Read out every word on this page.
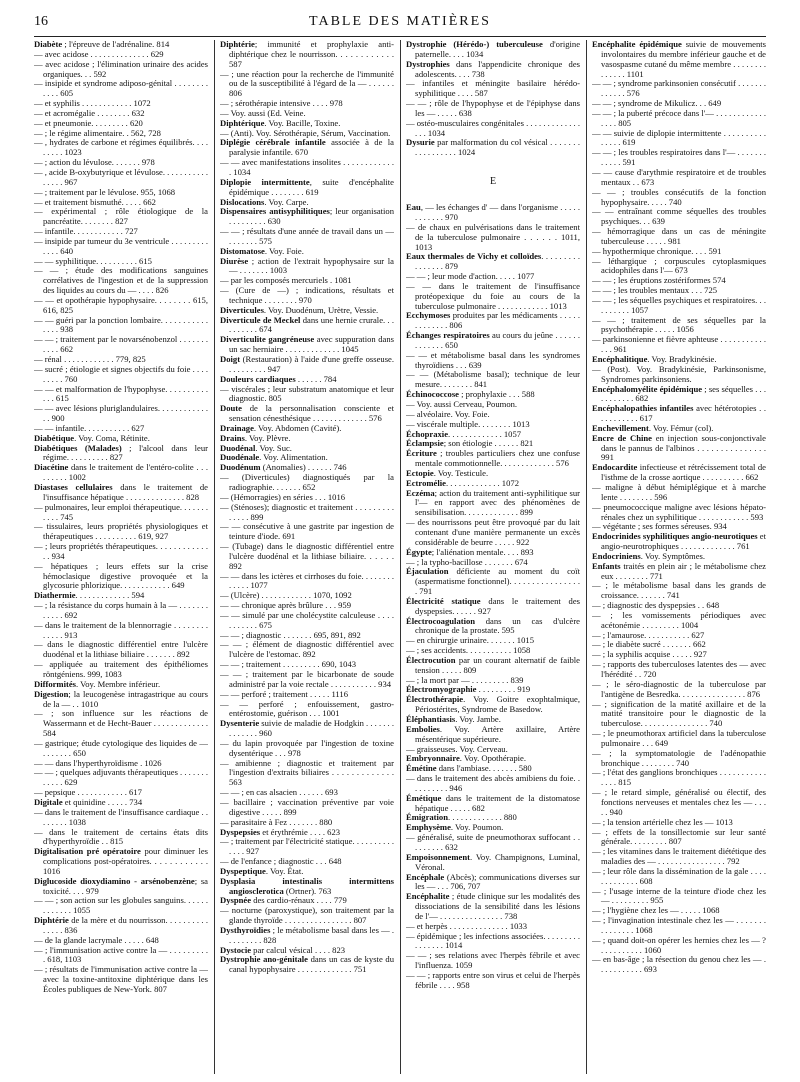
16	TABLE DES MATIÈRES

Diabète ; l'épreuve de l'adrénaline. 814

— avec acidose . . . . . . . . . . . . . . 629

— avec acidose ; l'élimination urinaire des acides organiques. . . 592

— insipide et syndrome adiposo-génital . . . . . . . . . . . . 605

— et syphilis . . . . . . . . . . . . 1072

— et acromégalie . . . . . . . . 632

— et pneumonie. . . . . . . . . 620

— ; le régime alimentaire. . 562, 728

— , hydrates de carbone et régimes équilibrés. . . . . . . . . 1023

— ; action du lévulose. . . . . . . 978

— , acide B-oxybutyrique et lévulose. . . . . . . . . . . . . . . . 967

— ; traitement par le lévulose. 955, 1068

— et traitement bismuthé. . . . . 662

— expérimental ; rôle étiologique de la pancréatite. . . . . . . . 827

— infantile. . . . . . . . . . . . 727

— insipide par tumeur du 3e ventricule . . . . . . . . . . . . . 640

— — syphilitique. . . . . . . . . . 615

— — ; étude des modifications sanguines corrélatives de l'ingestion et de la suppression des liquides au cours du — . . . . 826

— — et opothérapie hypophysaire. . . . . . . . 615, 616, 825

— — guéri par la ponction lombaire. . . . . . . . . . . . . . . 938

— — ; traitement par le novarsénobenzol . . . . . . . . . . . 662

— rénal . . . . . . . . . . . . 779, 825

— sucré ; étiologie et signes objectifs du foie . . . . . . . . . 760

— — et malformation de l'hypophyse. . . . . . . . . . . . . 615

— — avec lésions pluriglandulaires. . . . . . . . . . . . . . 900

— — infantile. . . . . . . . . . . 627

Diabétique. Voy. Coma, Rétinite.

Diabétiques (Malades) ; l'alcool dans leur régime. . . . . . . . . . 827

Diacétine dans le traitement de l'entéro-colite . . . . . . . . . 1002

Diastases cellulaires dans le traitement de l'insuffisance hépatique . . . . . . . . . . . . . . 828

— pulmonaires, leur emploi thérapeutique. . . . . . . . . . . 745

— tissulaires, leurs propriétés physiologiques et thérapeutiques . . . . . . . . . . 619, 927

— ; leurs propriétés thérapeutiques. . . . . . . . . . . . . . 934

— hépatiques ; leurs effets sur la crise hémoclasique digestive provoquée et la glycosurie phlorizique. . . . . . . . . . . . 649

Diathermie. . . . . . . . . . . . . 594

— ; la résistance du corps humain à la — . . . . . . . . . . . . 692

— dans le traitement de la blennorragie . . . . . . . . . . . . . 913

— dans le diagnostic différentiel entre l'ulcère duodénal et la lithiase biliaire . . . . . . . 892

— appliquée au traitement des épithéliomes röntgéniens. 999, 1083

Difformités. Voy. Membre inférieur.

Digestion; la leucogenèse intragastrique au cours de la — . . 1010

— ; son influence sur les réactions de Wassermann et de Hecht-Bauer . . . . . . . . . . . . . 584

— gastrique; étude cytologique des liquides de — . . . . . . . 650

— — dans l'hyperthyroïdisme . 1026

— — ; quelques adjuvants thérapeutiques . . . . . . . . . . . . 629

— pepsique . . . . . . . . . . . . 617

Digitale et quinidine . . . . . 734

— dans le traitement de l'insuffisance cardiaque . . . . . . . . 1038

— dans le traitement de certains états dits d'hyperthyroïdie . . 815

Digitalisation pré opératoire pour diminuer les complications post-opératoires. . . . . . . . . . . . 1016

Diglucoside dioxydiamino - arsénobenzène; sa toxicité. . . . 979

— — ; son action sur les globules sanguins. . . . . . . . . . . . . 1055

Diphtérie de la mère et du nourrisson. . . . . . . . . . . . . . . 836

— de la glande lacrymale . . . . . 648

— ; l'immunisation active contre la — . . . . . . . . . . 618, 1103

— ; résultats de l'immunisation active contre la — avec la toxine-antitoxine diphtérique dans les Écoles publiques de New-York. 807

Diphtérie; immunité et prophylaxie anti-diphtérique chez le nourrisson. . . . . . . . . . . . 587

— ; une réaction pour la recherche de l'immunité ou de la susceptibilité à l'égard de la — . . . . . . 806

— ; sérothérapie intensive . . . . 978

— Voy. aussi (Ed. Veine.

Diphtérique. Voy. Bacille, Toxine.

— (Anti). Voy. Sérothérapie, Sérum, Vaccination.

Diplégie cérébrale infantile associée à de la paralysie infantile. 670

— — avec manifestations insolites . . . . . . . . . . . . . 1034

Diplopie intermittente, suite d'encéphalite épidémique . . . . . . . . 619

Dislocations. Voy. Carpe.

Dispensaires antisyphilitiques; leur organisation . . . . . . . . . 630

— — ; résultats d'une année de travail dans un — . . . . . . . 575

Distomatose. Voy. Foie.

Diurèse ; action de l'extrait hypophysaire sur la — . . . . . . . 1003

— par les composés mercuriels . 1081

— (Cure de —) ; indications, résultats et technique . . . . . . . . 970

Diverticules. Voy. Duodénum, Urètre, Vessie.

Diverticule de Meckel dans une hernie crurale. . . . . . . . . . 674

Diverticulite gangréneuse avec suppuration dans un sac herniaire . . . . . . . . . . . . . 1045

Doigt (Restauration) à l'aide d'une greffe osseuse. . . . . . . . . . 947

Douleurs cardiaques . . . . . . 784

— viscérales ; leur substratum anatomique et leur diagnostic. 805

Doute de la personnalisation consciente et sensation cénesthésique . . . . . . . . . . . . . 576

Drainage. Voy. Abdomen (Cavité).

Drains. Voy. Plèvre.

Duodénal. Voy. Suc.

Duodénale. Voy. Alimentation.

Duodénum (Anomalies) . . . . . . 746

— (Diverticules) diagnostiqués par la radiographie. . . . . . . 652

— (Hémorragies) en séries . . . 1016

— (Sténoses); diagnostic et traitement . . . . . . . . . . . . . . 899

— — consécutive à une gastrite par ingestion de teinture d'iode. 691

— (Tubage) dans le diagnostic différentiel entre l'ulcère duodénal et la lithiase biliaire. . . . . . 892

— — dans les ictères et cirrhoses du foie. . . . . . . . . . . . . 1077

— (Ulcère) . . . . . . . . . . . . 1070, 1092

— — chronique après brûlure . . . 959

— — simulé par une cholécystite calculeuse . . . . . . . . . . . 675

— — ; diagnostic . . . . . . . 695, 891, 892

— — ; élément de diagnostic différentiel avec l'ulcère de l'estomac. 892

— — ; traitement . . . . . . . . . 690, 1043

— — ; traitement par le bicarbonate de soude administré par la voie rectale . . . . . . . . . . . 934

— — perforé ; traitement . . . . . 1116

— — perforé ; enfouissement, gastro-entérostomie, guérison . . . 1001

Dysenterie suivie de maladie de Hodgkin . . . . . . . . . . . . . . 960

— du lapin provoquée par l'ingestion de toxine dysentérique . . . 978

— amibienne ; diagnostic et traitement par l'ingestion d'extraits biliaires . . . . . . . . . . . . . 563

— — ; en cas alsacien . . . . . . 693

— bacillaire ; vaccination préventive par voie digestive . . . . . 899

— parasitaire à Fez . . . . . . . 880

Dyspepsies et érythrémie . . . . 623

— ; traitement par l'électricité statique. . . . . . . . . . . . . . 927

— de l'enfance ; diagnostic . . . 648

Dyspeptique. Voy. État.

Dysplasia intestinalis intermittens angiosclerotica (Ortner). 763

Dyspnée des cardio-rénaux . . . . 779

— nocturne (paroxystique), son traitement par la glande thyroïde . . . . . . . . . . . . . . . . 807

Dysthyroïdies ; le métabolisme basal dans les — . . . . . . . . . 828

Dystocie par calcul vésical . . . . 823

Dystrophie ano-génitale dans un cas de kyste du canal hypophysaire . . . . . . . . . . . . . 751

Dystrophie (Hérédo-) tuberculeuse d'origine paternelle. . . . 1034

Dystrophies dans l'appendicite chronique des adolescents. . . . 738

— infantiles et méningite basilaire hérédo-syphilitique . . . . 587

— — ; rôle de l'hypophyse et de l'épiphyse dans les — . . . . . 638

— ostéo-musculaires congénitales . . . . . . . . . . . . . . . . 1034

Dysurie par malformation du col vésical . . . . . . . . . . . . . . . . . 1024

E

Eau, — les échanges d' — dans l'organisme . . . . . . . . . . . . 970

— de chaux en pulvérisations dans le traitement de la tuberculose pulmonaire . . . . . . 1011, 1013

Eaux thermales de Vichy et colloïdes. . . . . . . . . . . . . . . . 879

— — ; leur mode d'action. . . . . 1077

— — dans le traitement de l'insuffisance protéopexique du foie au cours de la tuberculose pulmonaire . . . . . . . . . . . . 1013

Ecchymoses produites par les médicaments . . . . . . . . . . . . . 806

Échanges respiratoires au cours du jeûne . . . . . . . . . . . . . 650

— — et métabolisme basal dans les syndromes thyroïdiens . . . 639

— — (Métabolisme basal); technique de leur mesure. . . . . . . . 841

Échinococcose ; prophylaxie . . . 588

— Voy. aussi Cerveau, Poumon.

— alvéolaire. Voy. Foie.

— viscérale multiple. . . . . . . . 1013

Échopraxie. . . . . . . . . . . . . 1057

Éclampsie; son étiologie . . . . . . 821

Écriture ; troubles particuliers chez une confuse mentale commotionnelle. . . . . . . . . . . . . 576

Ectopie. Voy. Testicule.

Ectromélie. . . . . . . . . . . . . 1072

Eczéma; action du traitement anti-syphilitique sur l'— en rapport avec des phénomènes de sensibilisation. . . . . . . . . . . . . 899

— des nourrissons peut être provoqué par du lait contenant d'une manière permanente un excès considérable de beurre . . . . . 922

Égypte; l'aliénation mentale. . . . 893

— ; la typho-bacillose . . . . . . . 674

Éjaculation déficiente au moment du coït (aspermatisme fonctionnel). . . . . . . . . . . . . . . . . 791

Électricité statique dans le traitement des dyspepsies. . . . . . 927

Électrocoagulation dans un cas d'ulcère chronique de la prostate. 595

— en chirurgie urinaire. . . . . . . 1015

— ; ses accidents. . . . . . . . . . . 1058

Électrocution par un courant alternatif de faible tension . . . . . 809

— ; la mort par — . . . . . . . . . 839

Électromyographie . . . . . . . . . 919

Électrothérapie. Voy. Goitre exophtalmique, Périostérites, Syndrome de Basedow.

Éléphantiasis. Voy. Jambe.

Embolies. Voy. Artère axillaire, Artère mésentérique supérieure.

— graisseuses. Voy. Cerveau.

Embryonnaire. Voy. Opothérapie.

Émétine dans l'ambiase. . . . . . . 580

— dans le traitement des abcès amibiens du foie. . . . . . . . . . 946

Émétique dans le traitement de la distomatose hépatique . . . . . 682

Émigration. . . . . . . . . . . . . 880

Emphysème. Voy. Poumon.

— généralisé, suite de pneumothorax suffocant . . . . . . . . . 632

Empoisonnement. Voy. Champignons, Luminal, Véronal.

Encéphale (Abcès); communications diverses sur les — . . . 706, 707

Encéphalite ; étude clinique sur les modalités des dissociations de la sensibilité dans les lésions de l'— . . . . . . . . . . . . . . . 738

— et herpès . . . . . . . . . . . . . . 1033

— épidémique ; les infections associées. . . . . . . . . . . . . . . . 1014

— — ; ses relations avec l'herpès fébrile et avec l'influenza. 1059

— — ; rapports entre son virus et celui de l'herpès fébrile . . . . 958

Encéphalite épidémique suivie de mouvements involontaires du membre inférieur gauche et de vasospasme cutané du même membre . . . . . . . . . . . . . . 1101

— — ; syndrome parkinsonien consécutif . . . . . . . . . . . . . 576

— — ; syndrome de Mikulicz. . . 649

— — ; la puberté précoce dans l'— . . . . . . . . . . . . . . . . 805

— — suivie de diplopie intermittente . . . . . . . . . . . . . . . 619

— — ; les troubles respiratoires dans l'— . . . . . . . . . . . . 591

— — cause d'arythmie respiratoire et de troubles mentaux . . 673

— — ; troubles consécutifs de la fonction hypophysaire. . . . . 740

— — entraînant comme séquelles des troubles psychiques. . . 639

— hémorragique dans un cas de méningite tuberculeuse . . . . . 981

— hypothermique chronique. . . . 591

— léthargique ; corpuscules cytoplasmiques acidophiles dans l'— 673

— — ; les éruptions zostériformes 574

— — ; les troubles mentaux . . . 725

— — ; les séquelles psychiques et respiratoires. . . . . . . . . . 1057

— — ; traitement de ses séquelles par la psychothérapie . . . . . 1056

— parkinsonienne et fièvre aphteuse . . . . . . . . . . . . . . 961

Encéphalitique. Voy. Bradykinésie.

— (Post). Voy. Bradykinésie, Parkinsonisme, Syndromes parkinsoniens.

Encéphalomyélite épidémique ; ses séquelles . . . . . . . . . . . 682

Encéphalopathies infantiles avec hétérotopies . . . . . . . . . . . 617

Enchevillement. Voy. Fémur (col).

Encre de Chine en injection sous-conjonctivale dans le pannus de l'albinos . . . . . . . . . . . . . . . 991

Endocardite infectieuse et rétrécissement total de l'isthme de la crosse aortique . . . . . . . . . . 662

— maligne à début hémiplégique et à marche lente . . . . . . . . 596

— pneumococcique maligne avec lésions hépato-rénales chez un syphilitique . . . . . . . . . . . . 593

— végétante ; ses formes séreuses. 934

Endocrinides syphilitiques angio-neurotiques et angio-neurotrophiques . . . . . . . . . . . . . 761

Endocriniens. Voy. Symptômes.

Enfants traités en plein air ; le métabolisme chez eux . . . . . . . . 771

— ; le métabolisme basal dans les grands de croissance. . . . . . . 741

— ; diagnostic des dyspepsies . . 648

— ; les vomissements périodiques avec acétonémie . . . . . . . . . 1004

— ; l'amaurose. . . . . . . . . . . 627

— ; le diabète sucré . . . . . . . 662

— ; la syphilis acquise . . . . . 927

— ; rapports des tuberculoses latentes des — avec l'hérédité . . 720

— ; le séro-diagnostic de la tuberculose par l'antigène de Besredka. . . . . . . . . . . . . . . . 876

— ; signification de la matité axillaire et de la matité transitoire pour le diagnostic de la tuberculose. . . . . . . . . . . . . . . . 740

— ; le pneumothorax artificiel dans la tuberculose pulmonaire . . . 649

— ; la symptomatologie de l'adénopathie bronchique . . . . . . . . 740

— ; l'état des ganglions bronchiques . . . . . . . . . . . . . . . 815

— ; le retard simple, généralisé ou électif, des fonctions nerveuses et mentales chez les — . . . . . 940

— ; la tension artérielle chez les — 1013

— ; effets de la tonsillectomie sur leur santé générale. . . . . . . . . 807

— ; les vitamines dans le traitement diététique des maladies des — . . . . . . . . . . . . . . . . 792

— ; leur rôle dans la dissémination de la gale . . . . . . . . . . . . . 608

— ; l'usage interne de la teinture d'iode chez les — . . . . . . . . . 955

— ; l'hygiène chez les — . . . . . 1068

— ; l'invagination intestinale chez les — . . . . . . . . . . . . . . . 1068

— ; quand doit-on opérer les hernies chez les — ? . . . . . . . . . . 1060

— en bas-âge ; la résection du genou chez les — . . . . . . . . . . . 693
